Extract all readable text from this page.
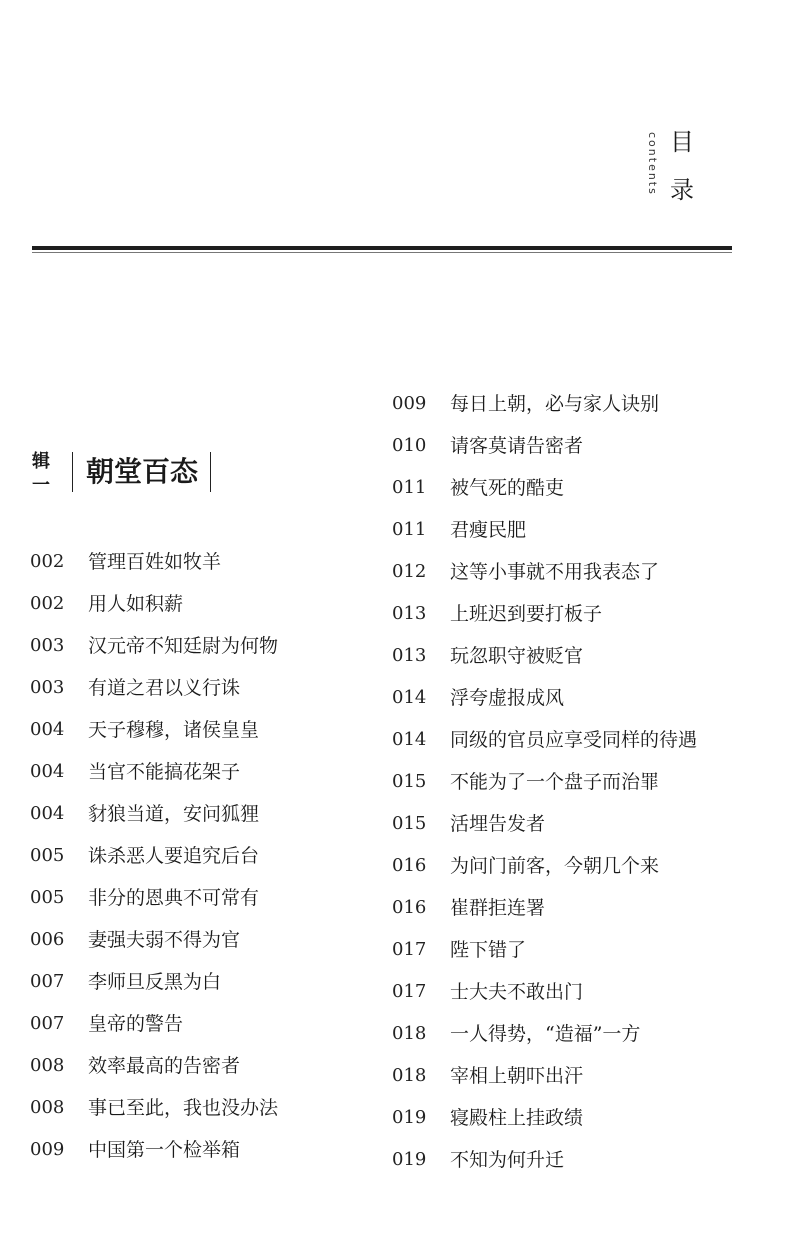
目
录
contents
辑一 朝堂百态
002 管理百姓如牧羊
002 用人如积薪
003 汉元帝不知廷尉为何物
003 有道之君以义行诛
004 天子穆穆，诸侯皇皇
004 当官不能搞花架子
004 豺狼当道，安问狐狸
005 诛杀恶人要追究后台
005 非分的恩典不可常有
006 妻强夫弱不得为官
007 李师旦反黑为白
007 皇帝的警告
008 效率最高的告密者
008 事已至此，我也没办法
009 中国第一个检举箱
009 每日上朝，必与家人诀别
010 请客莫请告密者
011 被气死的酷吏
011 君瘦民肥
012 这等小事就不用我表态了
013 上班迟到要打板子
013 玩忽职守被贬官
014 浮夸虚报成风
014 同级的官员应享受同样的待遇
015 不能为了一个盘子而治罪
015 活埋告发者
016 为问门前客，今朝几个来
016 崔群拒连署
017 陛下错了
017 士大夫不敢出门
018 一人得势，“造福”一方
018 宰相上朝吓出汗
019 寝殿柱上挂政绩
019 不知为何升迁
